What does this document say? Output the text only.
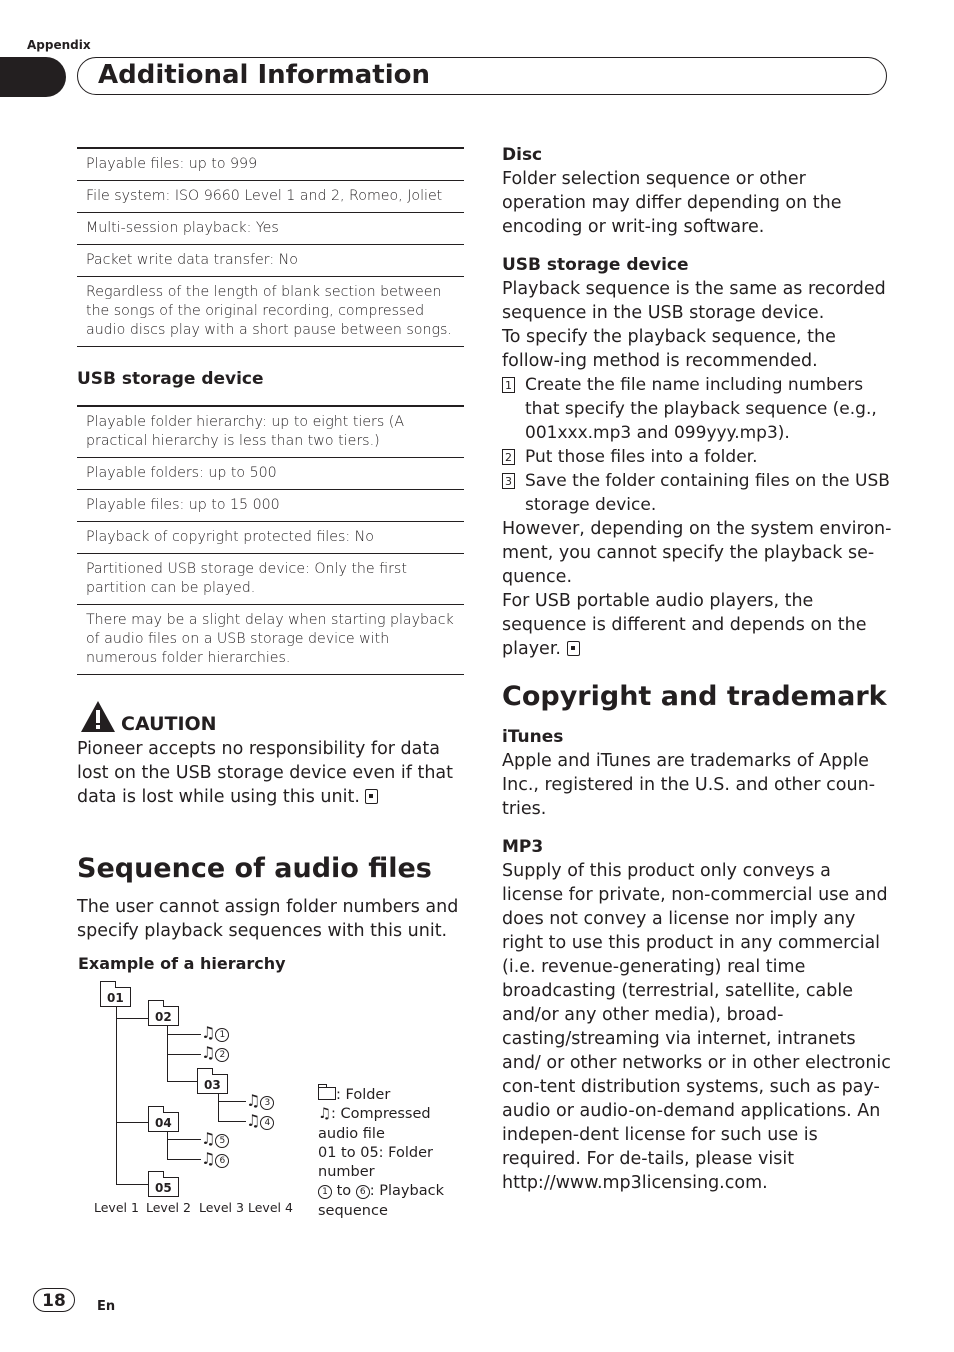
Appendix
Additional Information
Playable files: up to 999
File system: ISO 9660 Level 1 and 2, Romeo, Joliet
Multi-session playback: Yes
Packet write data transfer: No
Regardless of the length of blank section between the songs of the original recording, compressed audio discs play with a short pause between songs.
USB storage device
Playable folder hierarchy: up to eight tiers (A practical hierarchy is less than two tiers.)
Playable folders: up to 500
Playable files: up to 15 000
Playback of copyright protected files: No
Partitioned USB storage device: Only the first partition can be played.
There may be a slight delay when starting playback of audio files on a USB storage device with numerous folder hierarchies.
CAUTION
Pioneer accepts no responsibility for data lost on the USB storage device even if that data is lost while using this unit.
Sequence of audio files
The user cannot assign folder numbers and specify playback sequences with this unit.
Example of a hierarchy
01
02
03
04
05
♫ 1
♫ 2
♫ 3
♫ 4
♫ 5
♫ 6
Level 1 Level 2 Level 3 Level 4
: Folder
♫: Compressed audio file
01 to 05: Folder number
1 to 6 : Playback sequence
Disc
Folder selection sequence or other operation may differ depending on the encoding or writ-ing software.
USB storage device
Playback sequence is the same as recorded sequence in the USB storage device.
To specify the playback sequence, the follow-ing method is recommended.
1 Create the file name including numbers that specify the playback sequence (e.g., 001xxx.mp3 and 099yyy.mp3).
2 Put those files into a folder.
3 Save the folder containing files on the USB storage device.
However, depending on the system environ-ment, you cannot specify the playback se-quence.
For USB portable audio players, the sequence is different and depends on the player.
Copyright and trademark
iTunes
Apple and iTunes are trademarks of Apple Inc., registered in the U.S. and other coun-tries.
MP3
Supply of this product only conveys a license for private, non-commercial use and does not convey a license nor imply any right to use this product in any commercial (i.e. revenue-generating) real time broadcasting (terrestrial, satellite, cable and/or any other media), broad-casting/streaming via internet, intranets and/ or other networks or in other electronic con-tent distribution systems, such as pay-audio or audio-on-demand applications. An indepen-dent license for such use is required. For de-tails, please visit
http://www.mp3licensing.com.
18	En
